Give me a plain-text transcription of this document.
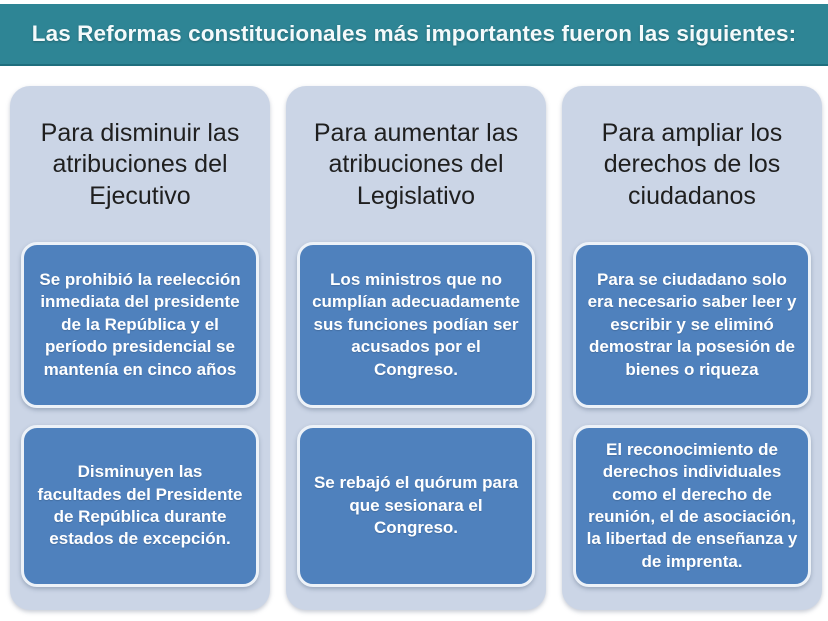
Las Reformas constitucionales más importantes fueron las siguientes:
Para disminuir las atribuciones del Ejecutivo
Se prohibió la reelección inmediata del presidente de la República y el período presidencial se mantenía en cinco años
Disminuyen las facultades del Presidente de República durante estados de excepción.
Para aumentar las atribuciones del Legislativo
Los ministros que no cumplían adecuadamente sus funciones podían ser acusados por el Congreso.
Se rebajó el quórum para que sesionara el Congreso.
Para ampliar los derechos de los ciudadanos
Para se ciudadano solo era necesario saber leer y escribir y se eliminó demostrar la posesión de bienes o riqueza
El reconocimiento de derechos individuales como el derecho de reunión, el de asociación, la libertad de enseñanza y de imprenta.
